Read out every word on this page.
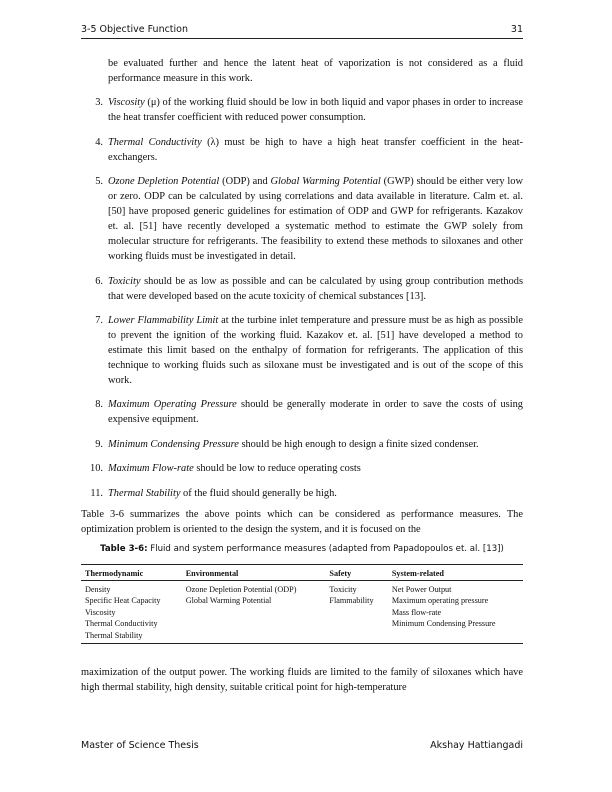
3-5 Objective Function	31
be evaluated further and hence the latent heat of vaporization is not considered as a fluid performance measure in this work.
3. Viscosity (μ) of the working fluid should be low in both liquid and vapor phases in order to increase the heat transfer coefficient with reduced power consumption.
4. Thermal Conductivity (λ) must be high to have a high heat transfer coefficient in the heat-exchangers.
5. Ozone Depletion Potential (ODP) and Global Warming Potential (GWP) should be either very low or zero. ODP can be calculated by using correlations and data available in literature. Calm et. al. [50] have proposed generic guidelines for estimation of ODP and GWP for refrigerants. Kazakov et. al. [51] have recently developed a systematic method to estimate the GWP solely from molecular structure for refrigerants. The feasibility to extend these methods to siloxanes and other working fluids must be investigated in detail.
6. Toxicity should be as low as possible and can be calculated by using group contribution methods that were developed based on the acute toxicity of chemical substances [13].
7. Lower Flammability Limit at the turbine inlet temperature and pressure must be as high as possible to prevent the ignition of the working fluid. Kazakov et. al. [51] have developed a method to estimate this limit based on the enthalpy of formation for refrigerants. The application of this technique to working fluids such as siloxane must be investigated and is out of the scope of this work.
8. Maximum Operating Pressure should be generally moderate in order to save the costs of using expensive equipment.
9. Minimum Condensing Pressure should be high enough to design a finite sized condenser.
10. Maximum Flow-rate should be low to reduce operating costs
11. Thermal Stability of the fluid should generally be high.

Table 3-6 summarizes the above points which can be considered as performance measures. The optimization problem is oriented to the design the system, and it is focused on the

Table 3-6: Fluid and system performance measures (adapted from Papadopoulos et. al. [13])
Thermodynamic	Environmental	Safety	System-related
Density	Ozone Depletion Potential (ODP)	Toxicity	Net Power Output
Specific Heat Capacity	Global Warming Potential	Flammability	Maximum operating pressure
Viscosity			Mass flow-rate
Thermal Conductivity			Minimum Condensing Pressure
Thermal Stability			

maximization of the output power. The working fluids are limited to the family of siloxanes which have high thermal stability, high density, suitable critical point for high-temperature

Master of Science Thesis	Akshay Hattiangadi
